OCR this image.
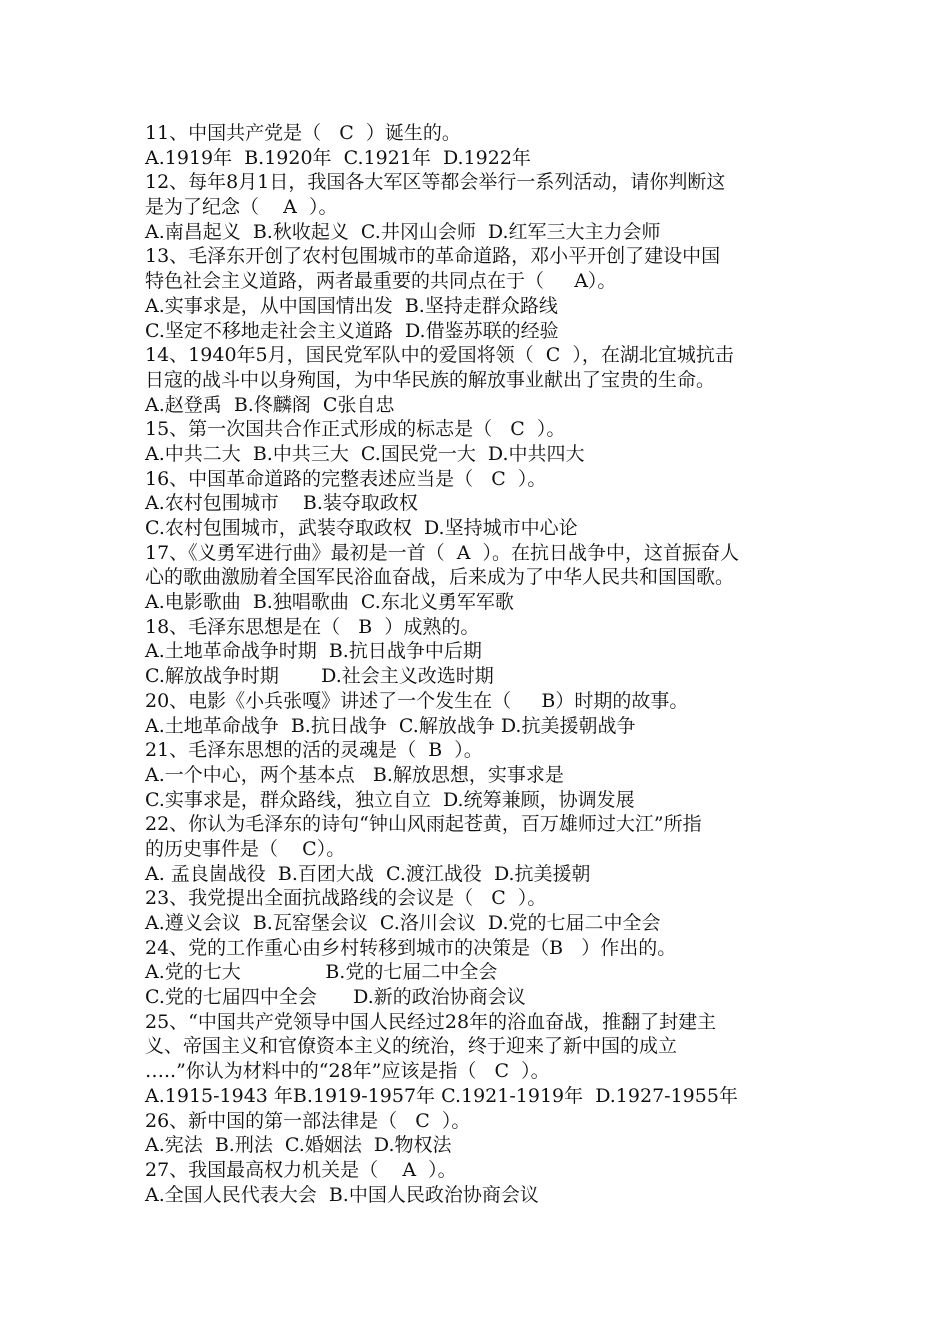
11、中国共产党是（   C  ）诞生的。
A.1919年  B.1920年  C.1921年  D.1922年
12、每年8月1日，我国各大军区等都会举行一系列活动，请你判断这
是为了纪念（    A  ）。
A.南昌起义  B.秋收起义  C.井冈山会师  D.红军三大主力会师
13、毛泽东开创了农村包围城市的革命道路，邓小平开创了建设中国
特色社会主义道路，两者最重要的共同点在于（     A）。
A.实事求是，从中国国情出发  B.坚持走群众路线
C.坚定不移地走社会主义道路  D.借鉴苏联的经验
14、1940年5月，国民党军队中的爱国将领（  C  ），在湖北宜城抗击
日寇的战斗中以身殉国，为中华民族的解放事业献出了宝贵的生命。
A.赵登禹  B.佟麟阁  C张自忠
15、第一次国共合作正式形成的标志是（   C  ）。
A.中共二大  B.中共三大  C.国民党一大  D.中共四大
16、中国革命道路的完整表述应当是（   C  ）。
A.农村包围城市    B.装夺取政权
C.农村包围城市，武装夺取政权  D.坚持城市中心论
17、《义勇军进行曲》最初是一首（  A  ）。在抗日战争中，这首振奋人
心的歌曲激励着全国军民浴血奋战，后来成为了中华人民共和国国歌。
A.电影歌曲  B.独唱歌曲  C.东北义勇军军歌
18、毛泽东思想是在（   B  ）成熟的。
A.土地革命战争时期  B.抗日战争中后期
C.解放战争时期       D.社会主义改选时期
20、电影《小兵张嘎》讲述了一个发生在（     B）时期的故事。
A.土地革命战争  B.抗日战争  C.解放战争 D.抗美援朝战争
21、毛泽东思想的活的灵魂是（  B  ）。
A.一个中心，两个基本点   B.解放思想，实事求是
C.实事求是，群众路线，独立自立  D.统筹兼顾，协调发展
22、你认为毛泽东的诗句“钟山风雨起苍黄，百万雄师过大江”所指
的历史事件是（    C）。
A. 孟良崮战役  B.百团大战  C.渡江战役  D.抗美援朝
23、我党提出全面抗战路线的会议是（   C  ）。
A.遵义会议  B.瓦窑堡会议  C.洛川会议  D.党的七届二中全会
24、党的工作重心由乡村转移到城市的决策是（B   ）作出的。
A.党的七大              B.党的七届二中全会
C.党的七届四中全会      D.新的政治协商会议
25、“中国共产党领导中国人民经过28年的浴血奋战，推翻了封建主
义、帝国主义和官僚资本主义的统治，终于迎来了新中国的成立
…..”你认为材料中的“28年”应该是指（   C  ）。
A.1915-1943 年B.1919-1957年 C.1921-1919年  D.1927-1955年
26、新中国的第一部法律是（   C  ）。
A.宪法  B.刑法  C.婚姻法  D.物权法
27、我国最高权力机关是（    A  ）。
A.全国人民代表大会  B.中国人民政治协商会议
